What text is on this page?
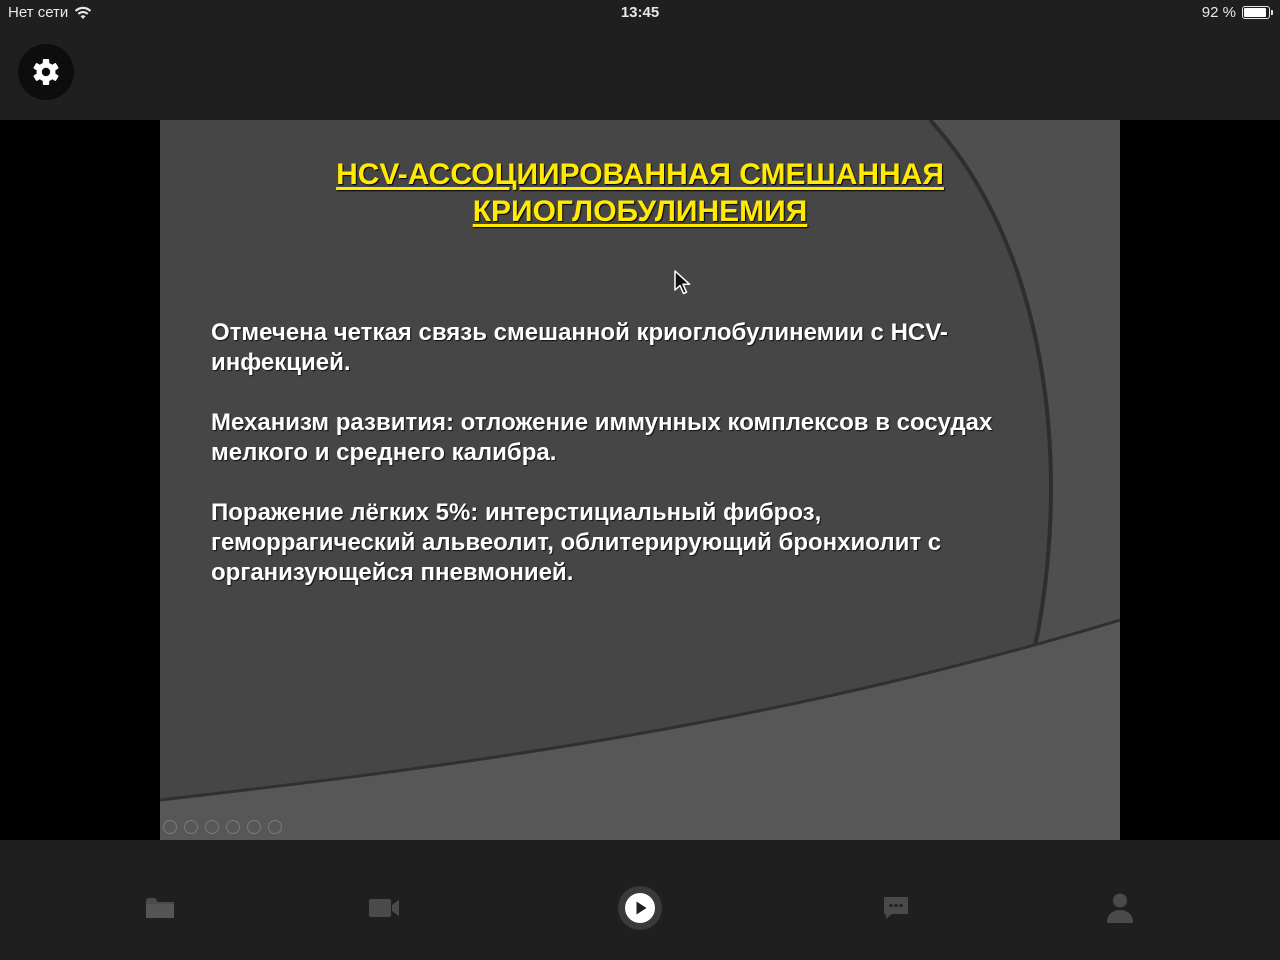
Нет сети	13:45	92 %
HCV-АССОЦИИРОВАННАЯ СМЕШАННАЯ
КРИОГЛОБУЛИНЕМИЯ

Отмечена четкая связь смешанной криоглобулинемии с HCV-
инфекцией.

Механизм развития: отложение иммунных комплексов в сосудах
мелкого и среднего калибра.

Поражение лёгких 5%: интерстициальный фиброз,
геморрагический альвеолит, облитерирующий бронхиолит с
организующейся пневмонией.
